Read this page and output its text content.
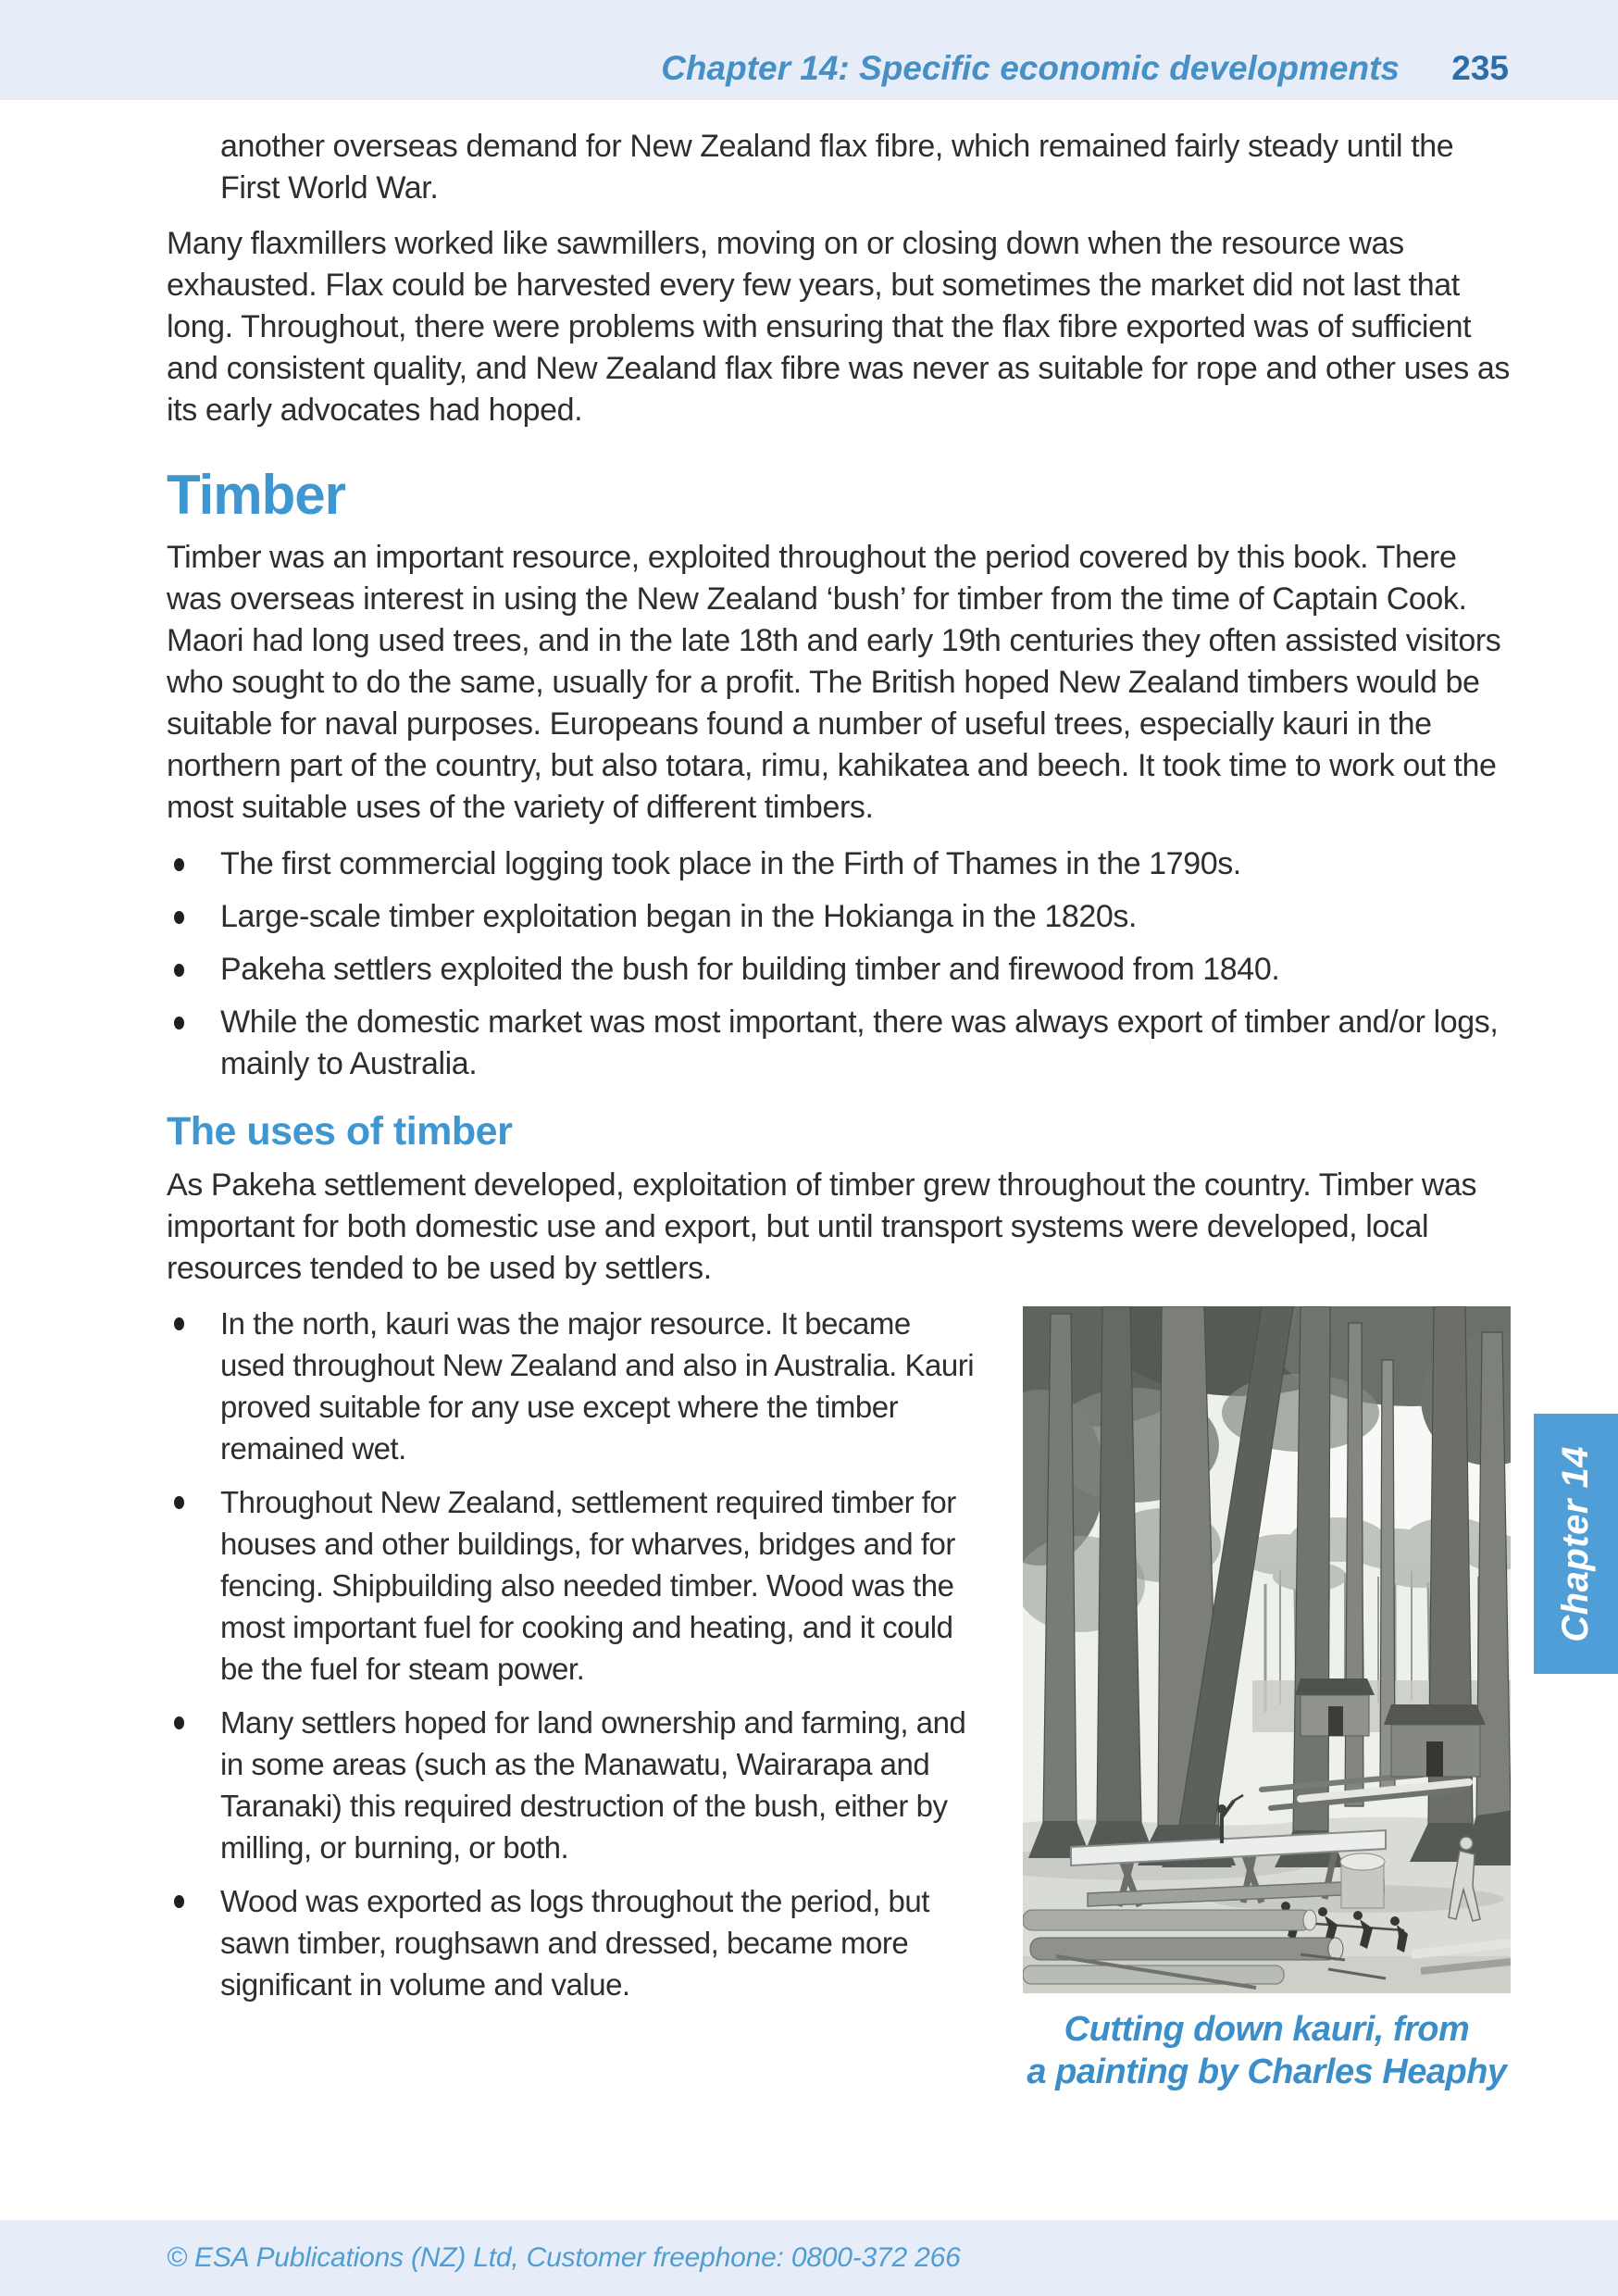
Chapter 14: Specific economic developments 235

another overseas demand for New Zealand flax fibre, which remained fairly steady until the First World War.

Many flaxmillers worked like sawmillers, moving on or closing down when the resource was exhausted. Flax could be harvested every few years, but sometimes the market did not last that long. Throughout, there were problems with ensuring that the flax fibre exported was of sufficient and consistent quality, and New Zealand flax fibre was never as suitable for rope and other uses as its early advocates had hoped.

Timber

Timber was an important resource, exploited throughout the period covered by this book. There was overseas interest in using the New Zealand ‘bush’ for timber from the time of Captain Cook. Maori had long used trees, and in the late 18th and early 19th centuries they often assisted visitors who sought to do the same, usually for a profit. The British hoped New Zealand timbers would be suitable for naval purposes. Europeans found a number of useful trees, especially kauri in the northern part of the country, but also totara, rimu, kahikatea and beech. It took time to work out the most suitable uses of the variety of different timbers.

The first commercial logging took place in the Firth of Thames in the 1790s.
Large-scale timber exploitation began in the Hokianga in the 1820s.
Pakeha settlers exploited the bush for building timber and firewood from 1840.
While the domestic market was most important, there was always export of timber and/or logs, mainly to Australia.
The uses of timber

As Pakeha settlement developed, exploitation of timber grew throughout the country. Timber was important for both domestic use and export, but until transport systems were developed, local resources tended to be used by settlers.

In the north, kauri was the major resource. It became used throughout New Zealand and also in Australia. Kauri proved suitable for any use except where the timber remained wet.
Throughout New Zealand, settlement required timber for houses and other buildings, for wharves, bridges and for fencing. Shipbuilding also needed timber. Wood was the most important fuel for cooking and heating, and it could be the fuel for steam power.
Many settlers hoped for land ownership and farming, and in some areas (such as the Manawatu, Wairarapa and Taranaki) this required destruction of the bush, either by milling, or burning, or both.
Wood was exported as logs throughout the period, but sawn timber, roughsawn and dressed, became more significant in volume and value.
Cutting down kauri, from
a painting by Charles Heaphy
Chapter 14
© ESA Publications (NZ) Ltd, Customer freephone: 0800-372 266
